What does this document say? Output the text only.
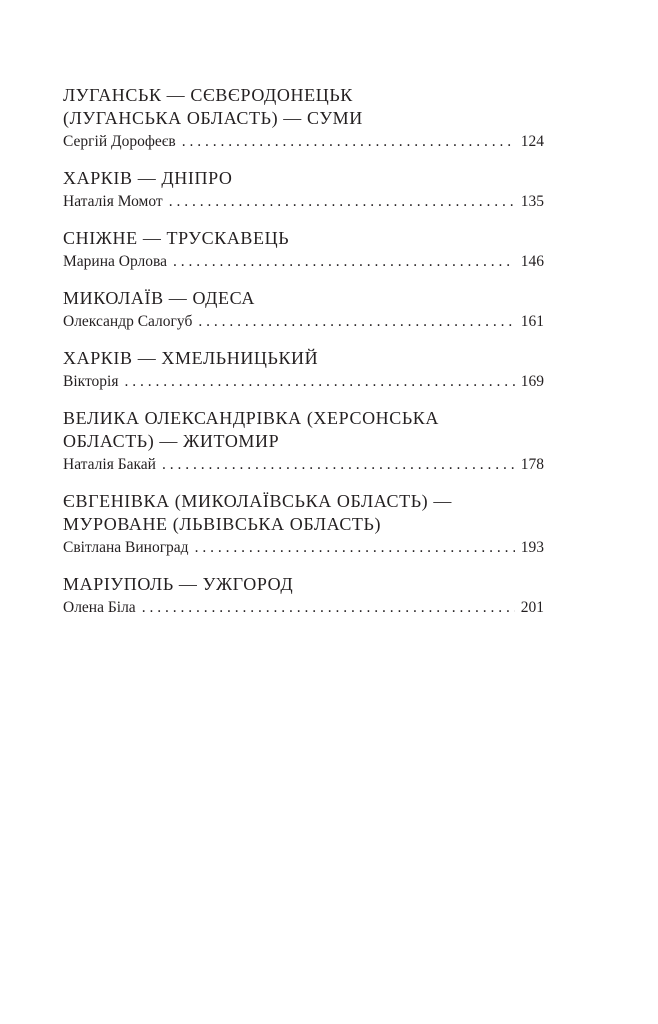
ЛУГАНСЬК — СЄВЄРОДОНЕЦЬК
(ЛУГАНСЬКА ОБЛАСТЬ) — СУМИ
Сергій Дорофеєв . . .	124
ХАРКІВ — ДНІПРО
Наталія Момот . . .	135
СНІЖНЕ — ТРУСКАВЕЦЬ
Марина Орлова . . .	146
МИКОЛАЇВ — ОДЕСА
Олександр Салогуб . . .	161
ХАРКІВ — ХМЕЛЬНИЦЬКИЙ
Вікторія . . .	169
ВЕЛИКА ОЛЕКСАНДРІВКА (ХЕРСОНСЬКА
ОБЛАСТЬ) — ЖИТОМИР
Наталія Бакай . . .	178
ЄВГЕНІВКА (МИКОЛАЇВСЬКА ОБЛАСТЬ) —
МУРОВАНЕ (ЛЬВІВСЬКА ОБЛАСТЬ)
Світлана Виноград . . .	193
МАРІУПОЛЬ — УЖГОРОД
Олена Біла . . .	201
